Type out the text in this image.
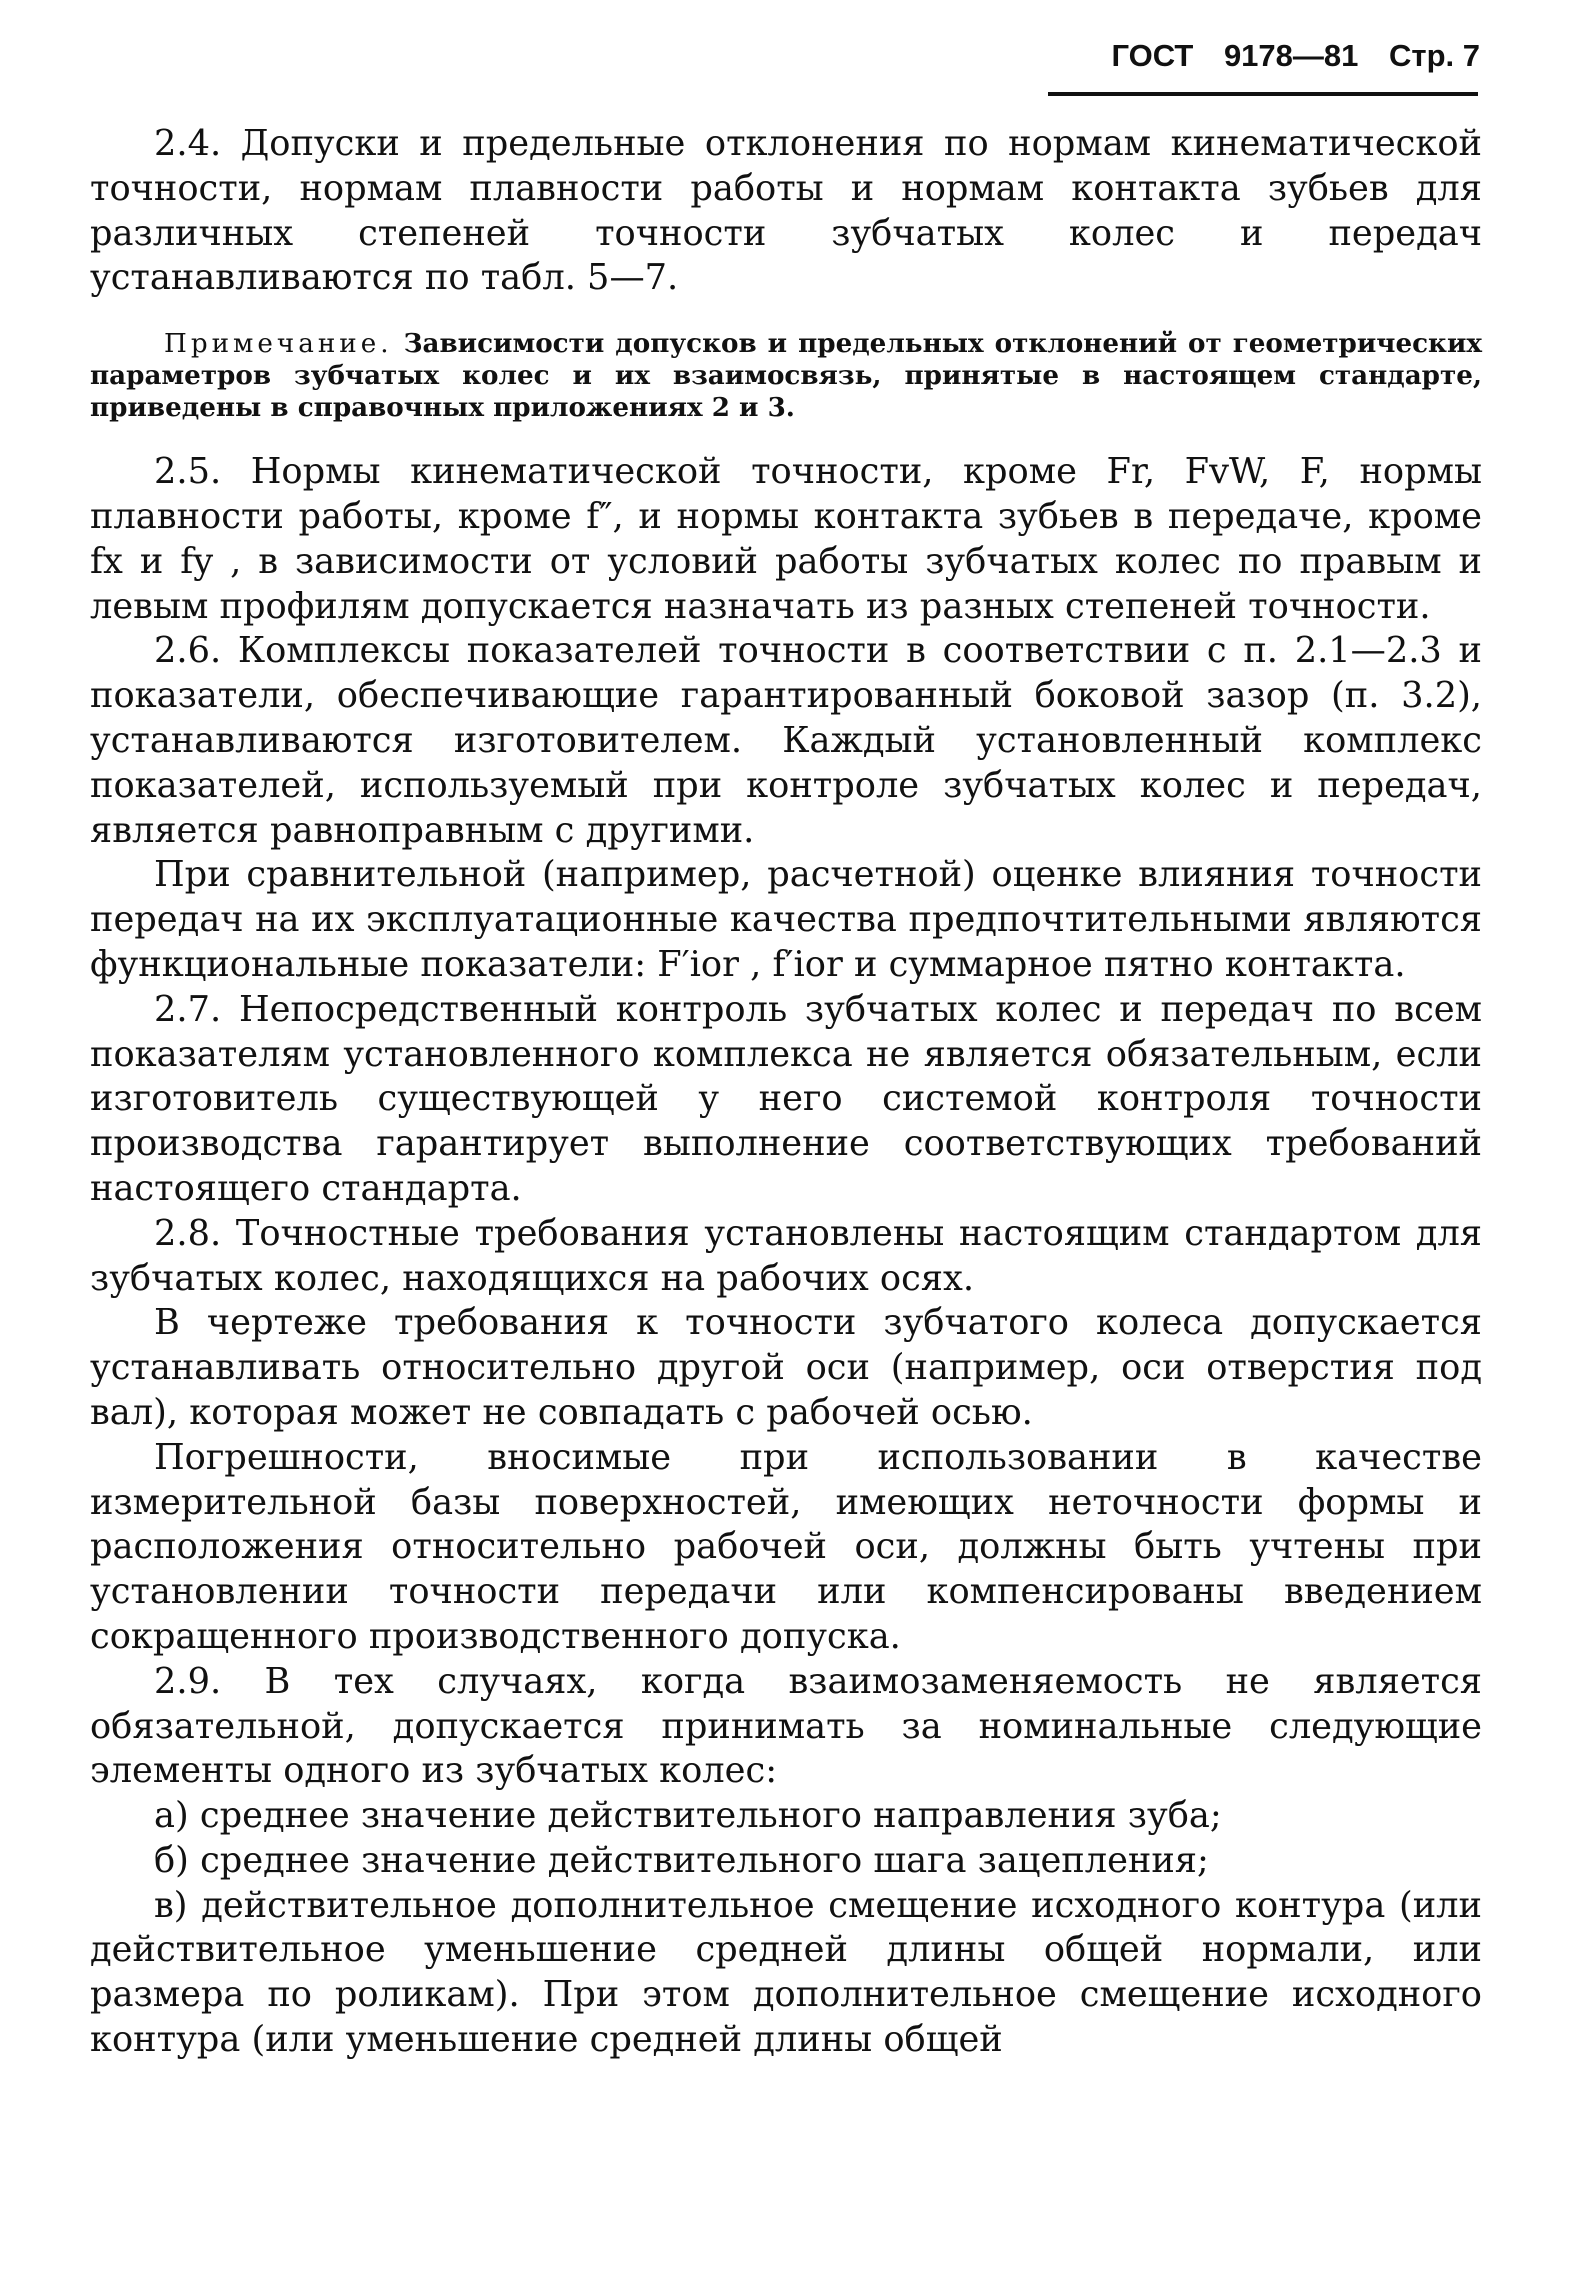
ГОСТ 9178—81 Стр. 7

2.4. Допуски и предельные отклонения по нормам кинематической точности, нормам плавности работы и нормам контакта зубьев для различных степеней точности зубчатых колес и передач устанавливаются по табл. 5—7.

Примечание. Зависимости допусков и предельных отклонений от геометрических параметров зубчатых колес и их взаимосвязь, принятые в настоящем стандарте, приведены в справочных приложениях 2 и 3.

2.5. Нормы кинематической точности, кроме Fr, FvW, F, нормы плавности работы, кроме f″, и нормы контакта зубьев в передаче, кроме fx и fy , в зависимости от условий работы зубчатых колес по правым и левым профилям допускается назначать из разных степеней точности.

2.6. Комплексы показателей точности в соответствии с п. 2.1—2.3 и показатели, обеспечивающие гарантированный боковой зазор (п. 3.2), устанавливаются изготовителем. Каждый установленный комплекс показателей, используемый при контроле зубчатых колес и передач, является равноправным с другими.

При сравнительной (например, расчетной) оценке влияния точности передач на их эксплуатационные качества предпочтительными являются функциональные показатели: F′ior , f′ior и суммарное пятно контакта.

2.7. Непосредственный контроль зубчатых колес и передач по всем показателям установленного комплекса не является обязательным, если изготовитель существующей у него системой контроля точности производства гарантирует выполнение соответствующих требований настоящего стандарта.

2.8. Точностные требования установлены настоящим стандартом для зубчатых колес, находящихся на рабочих осях.

В чертеже требования к точности зубчатого колеса допускается устанавливать относительно другой оси (например, оси отверстия под вал), которая может не совпадать с рабочей осью.

Погрешности, вносимые при использовании в качестве измерительной базы поверхностей, имеющих неточности формы и расположения относительно рабочей оси, должны быть учтены при установлении точности передачи или компенсированы введением сокращенного производственного допуска.

2.9. В тех случаях, когда взаимозаменяемость не является обязательной, допускается принимать за номинальные следующие элементы одного из зубчатых колес:

а) среднее значение действительного направления зуба;

б) среднее значение действительного шага зацепления;

в) действительное дополнительное смещение исходного контура (или действительное уменьшение средней длины общей нормали, или размера по роликам). При этом дополнительное смещение исходного контура (или уменьшение средней длины общей
